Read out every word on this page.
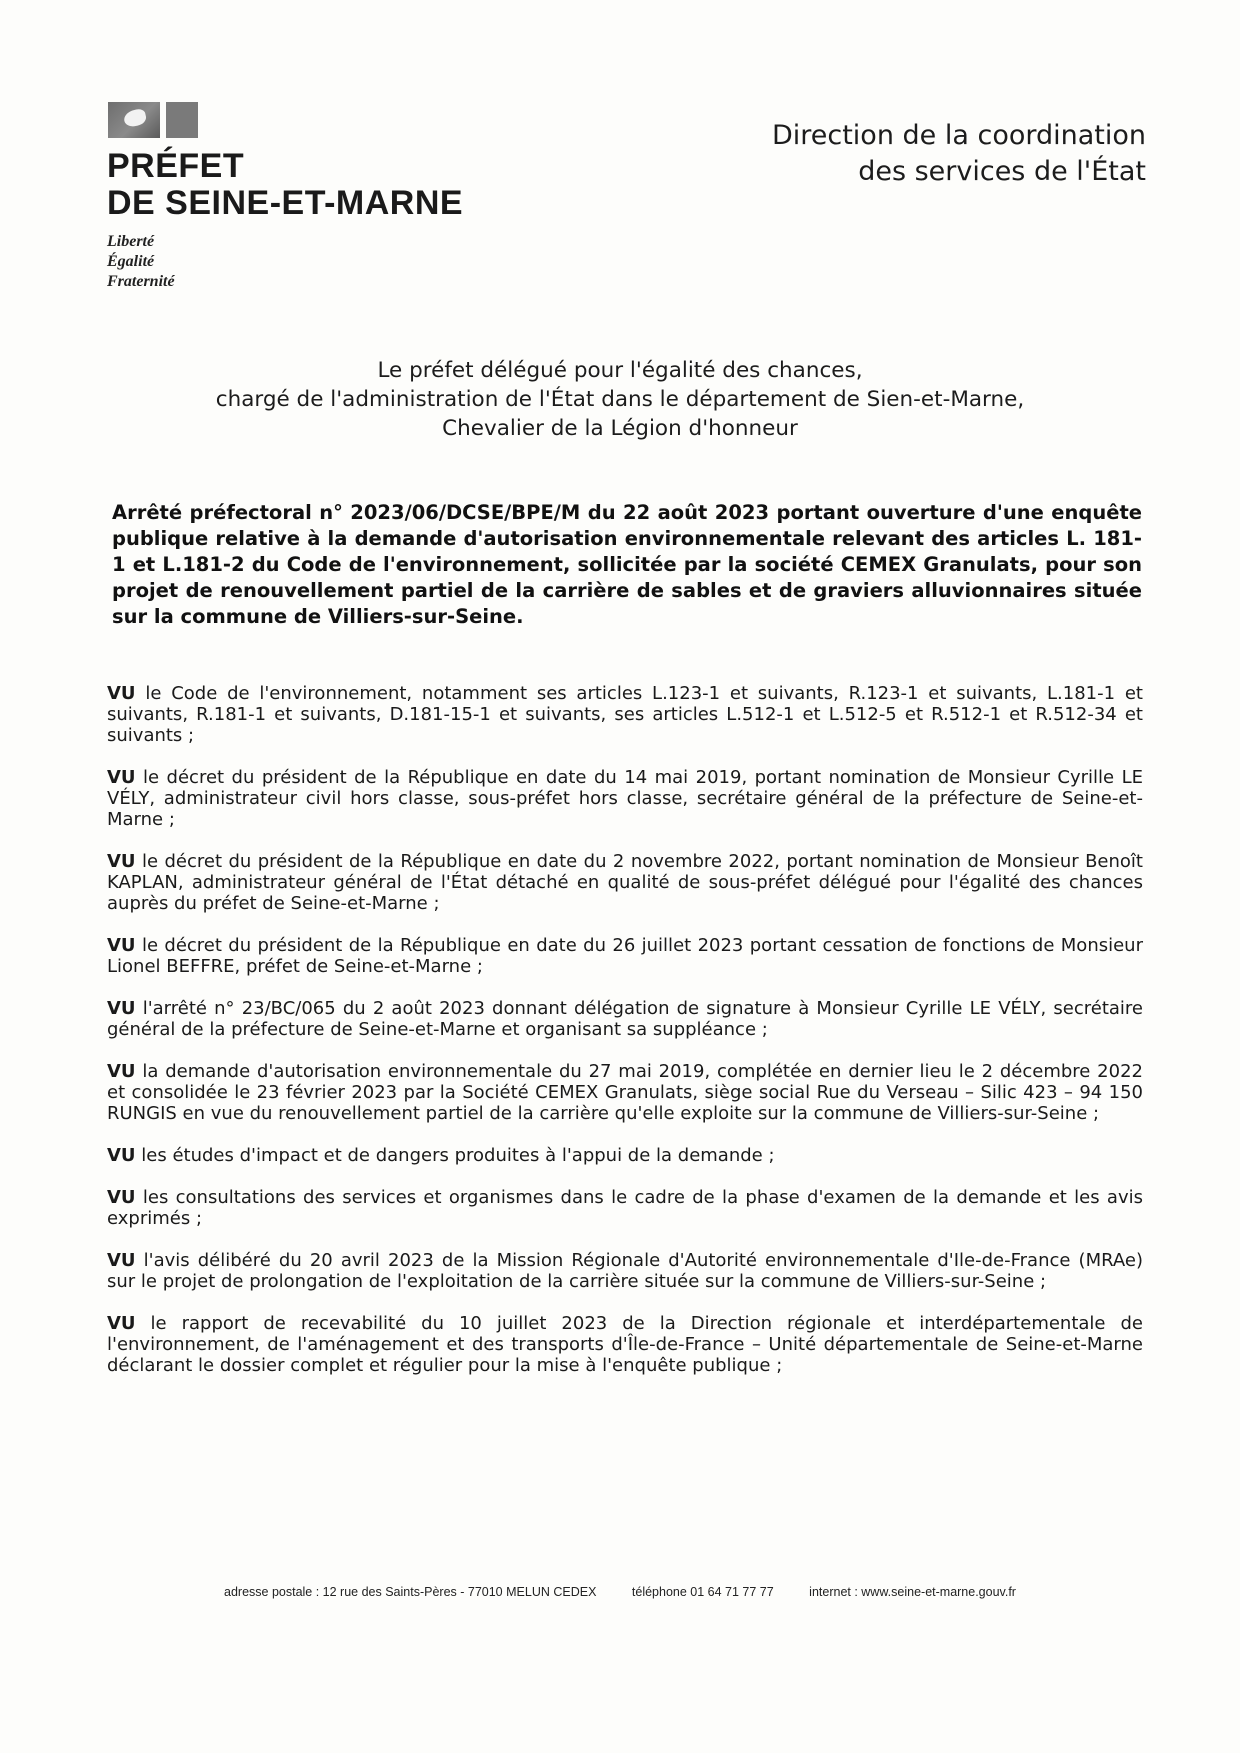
PRÉFET
DE SEINE-ET-MARNE
Liberté
Égalité
Fraternité
Direction de la coordination
des services de l'État
Le préfet délégué pour l'égalité des chances,
chargé de l'administration de l'État dans le département de Sien-et-Marne,
Chevalier de la Légion d'honneur
Arrêté préfectoral n° 2023/06/DCSE/BPE/M du 22 août 2023 portant ouverture d'une enquête publique relative à la demande d'autorisation environnementale relevant des articles L. 181-1 et L.181-2 du Code de l'environnement, sollicitée par la société CEMEX Granulats, pour son projet de renouvellement partiel de la carrière de sables et de graviers alluvionnaires située sur la commune de Villiers-sur-Seine.

VU le Code de l'environnement, notamment ses articles L.123-1 et suivants, R.123-1 et suivants, L.181-1 et suivants, R.181-1 et suivants, D.181-15-1 et suivants, ses articles L.512-1 et L.512-5 et R.512-1 et R.512-34 et suivants ;

VU le décret du président de la République en date du 14 mai 2019, portant nomination de Monsieur Cyrille LE VÉLY, administrateur civil hors classe, sous-préfet hors classe, secrétaire général de la préfecture de Seine-et-Marne ;

VU le décret du président de la République en date du 2 novembre 2022, portant nomination de Monsieur Benoît KAPLAN, administrateur général de l'État détaché en qualité de sous-préfet délégué pour l'égalité des chances auprès du préfet de Seine-et-Marne ;

VU le décret du président de la République en date du 26 juillet 2023 portant cessation de fonctions de Monsieur Lionel BEFFRE, préfet de Seine-et-Marne ;

VU l'arrêté n° 23/BC/065 du 2 août 2023 donnant délégation de signature à Monsieur Cyrille LE VÉLY, secrétaire général de la préfecture de Seine-et-Marne et organisant sa suppléance ;

VU la demande d'autorisation environnementale du 27 mai 2019, complétée en dernier lieu le 2 décembre 2022 et consolidée le 23 février 2023 par la Société CEMEX Granulats, siège social Rue du Verseau – Silic 423 – 94 150 RUNGIS en vue du renouvellement partiel de la carrière qu'elle exploite sur la commune de Villiers-sur-Seine ;

VU les études d'impact et de dangers produites à l'appui de la demande ;

VU les consultations des services et organismes dans le cadre de la phase d'examen de la demande et les avis exprimés ;

VU l'avis délibéré du 20 avril 2023 de la Mission Régionale d'Autorité environnementale d'Ile-de-France (MRAe) sur le projet de prolongation de l'exploitation de la carrière située sur la commune de Villiers-sur-Seine ;

VU le rapport de recevabilité du 10 juillet 2023 de la Direction régionale et interdépartementale de l'environnement, de l'aménagement et des transports d'Île-de-France – Unité départementale de Seine-et-Marne déclarant le dossier complet et régulier pour la mise à l'enquête publique ;

adresse postale : 12 rue des Saints-Pères - 77010 MELUN CEDEX	téléphone 01 64 71 77 77	internet : www.seine-et-marne.gouv.fr
